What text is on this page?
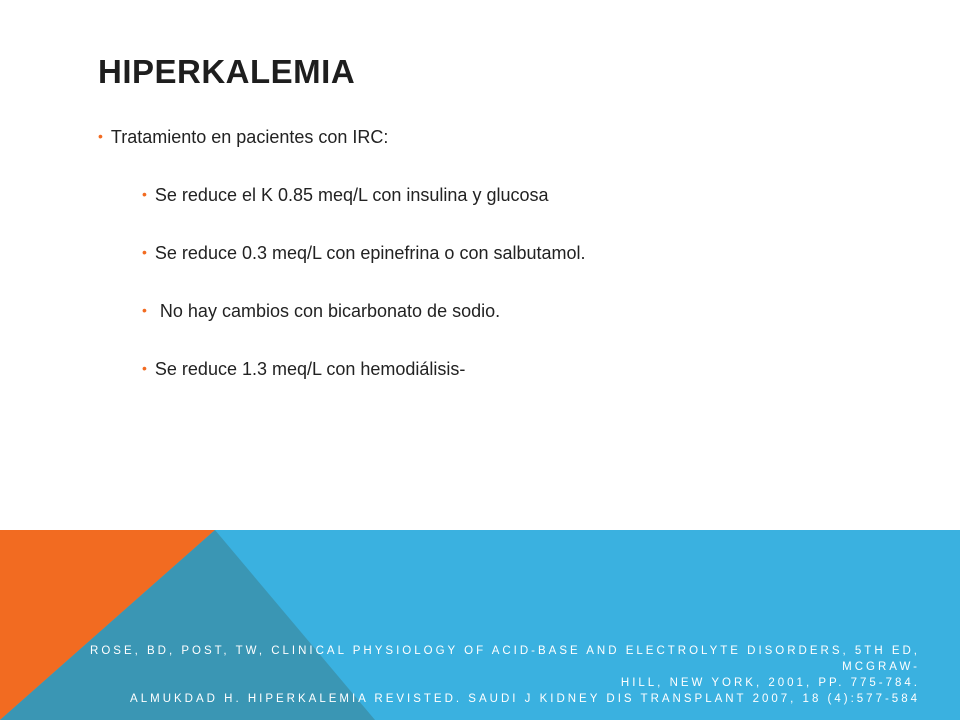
HIPERKALEMIA
• Tratamiento en pacientes con IRC:
• Se reduce el K 0.85 meq/L con insulina y glucosa
• Se reduce 0.3 meq/L con epinefrina o con salbutamol.
• No hay cambios con bicarbonato de sodio.
• Se reduce 1.3 meq/L con hemodiálisis-

ROSE, BD, POST, TW, CLINICAL PHYSIOLOGY OF ACID-BASE AND ELECTROLYTE DISORDERS, 5TH ED, MCGRAW-
HILL, NEW YORK, 2001, PP. 775-784.
ALMUKDAD H. HIPERKALEMIA REVISTED. SAUDI J KIDNEY DIS TRANSPLANT 2007, 18 (4):577-584
